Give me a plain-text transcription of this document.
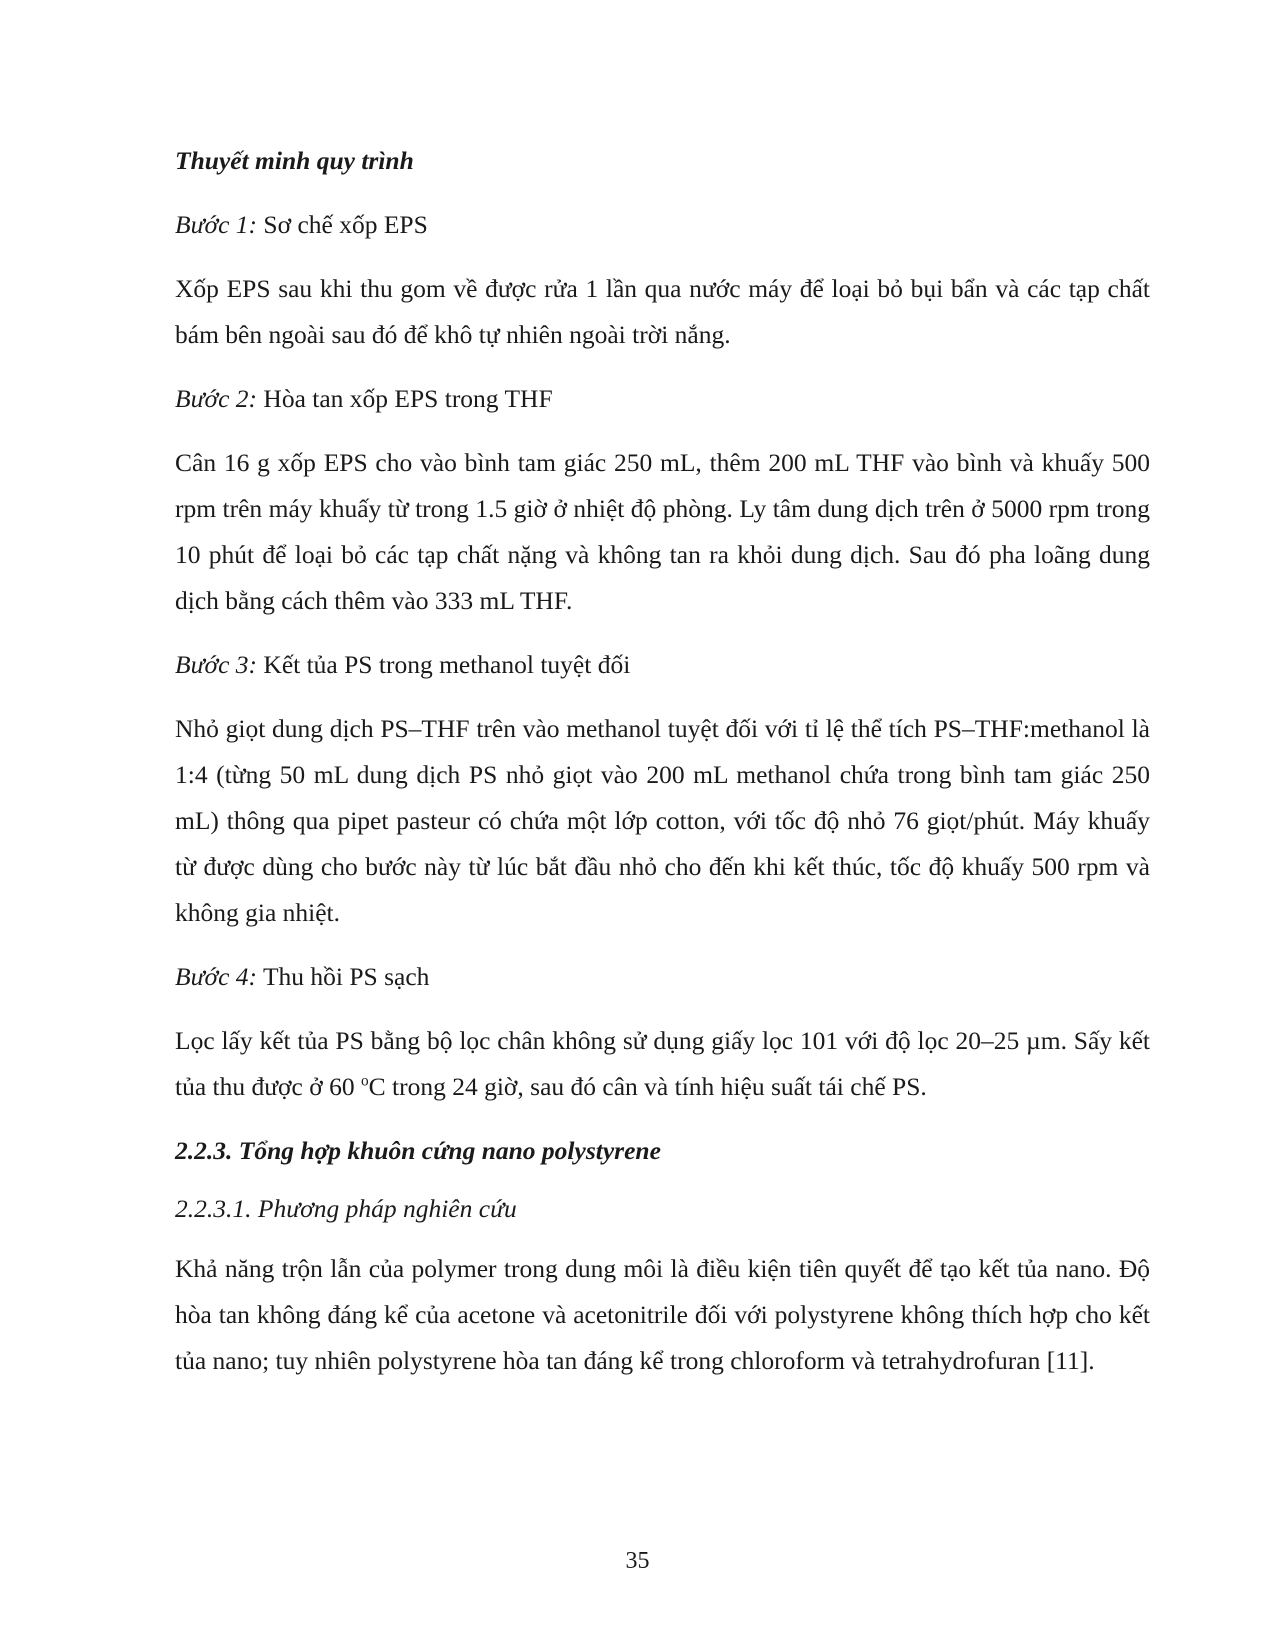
Thuyết minh quy trình

Bước 1: Sơ chế xốp EPS

Xốp EPS sau khi thu gom về được rửa 1 lần qua nước máy để loại bỏ bụi bẩn và các tạp chất bám bên ngoài sau đó để khô tự nhiên ngoài trời nắng.

Bước 2: Hòa tan xốp EPS trong THF

Cân 16 g xốp EPS cho vào bình tam giác 250 mL, thêm 200 mL THF vào bình và khuấy 500 rpm trên máy khuấy từ trong 1.5 giờ ở nhiệt độ phòng. Ly tâm dung dịch trên ở 5000 rpm trong 10 phút để loại bỏ các tạp chất nặng và không tan ra khỏi dung dịch. Sau đó pha loãng dung dịch bằng cách thêm vào 333 mL THF.

Bước 3: Kết tủa PS trong methanol tuyệt đối

Nhỏ giọt dung dịch PS–THF trên vào methanol tuyệt đối với tỉ lệ thể tích PS–THF:methanol là 1:4 (từng 50 mL dung dịch PS nhỏ giọt vào 200 mL methanol chứa trong bình tam giác 250 mL) thông qua pipet pasteur có chứa một lớp cotton, với tốc độ nhỏ 76 giọt/phút. Máy khuấy từ được dùng cho bước này từ lúc bắt đầu nhỏ cho đến khi kết thúc, tốc độ khuấy 500 rpm và không gia nhiệt.

Bước 4: Thu hồi PS sạch

Lọc lấy kết tủa PS bằng bộ lọc chân không sử dụng giấy lọc 101 với độ lọc 20–25 µm. Sấy kết tủa thu được ở 60 $^o$C trong 24 giờ, sau đó cân và tính hiệu suất tái chế PS.

2.2.3. Tổng hợp khuôn cứng nano polystyrene

2.2.3.1. Phương pháp nghiên cứu

Khả năng trộn lẫn của polymer trong dung môi là điều kiện tiên quyết để tạo kết tủa nano. Độ hòa tan không đáng kể của acetone và acetonitrile đối với polystyrene không thích hợp cho kết tủa nano; tuy nhiên polystyrene hòa tan đáng kể trong chloroform và tetrahydrofuran [11].

35
